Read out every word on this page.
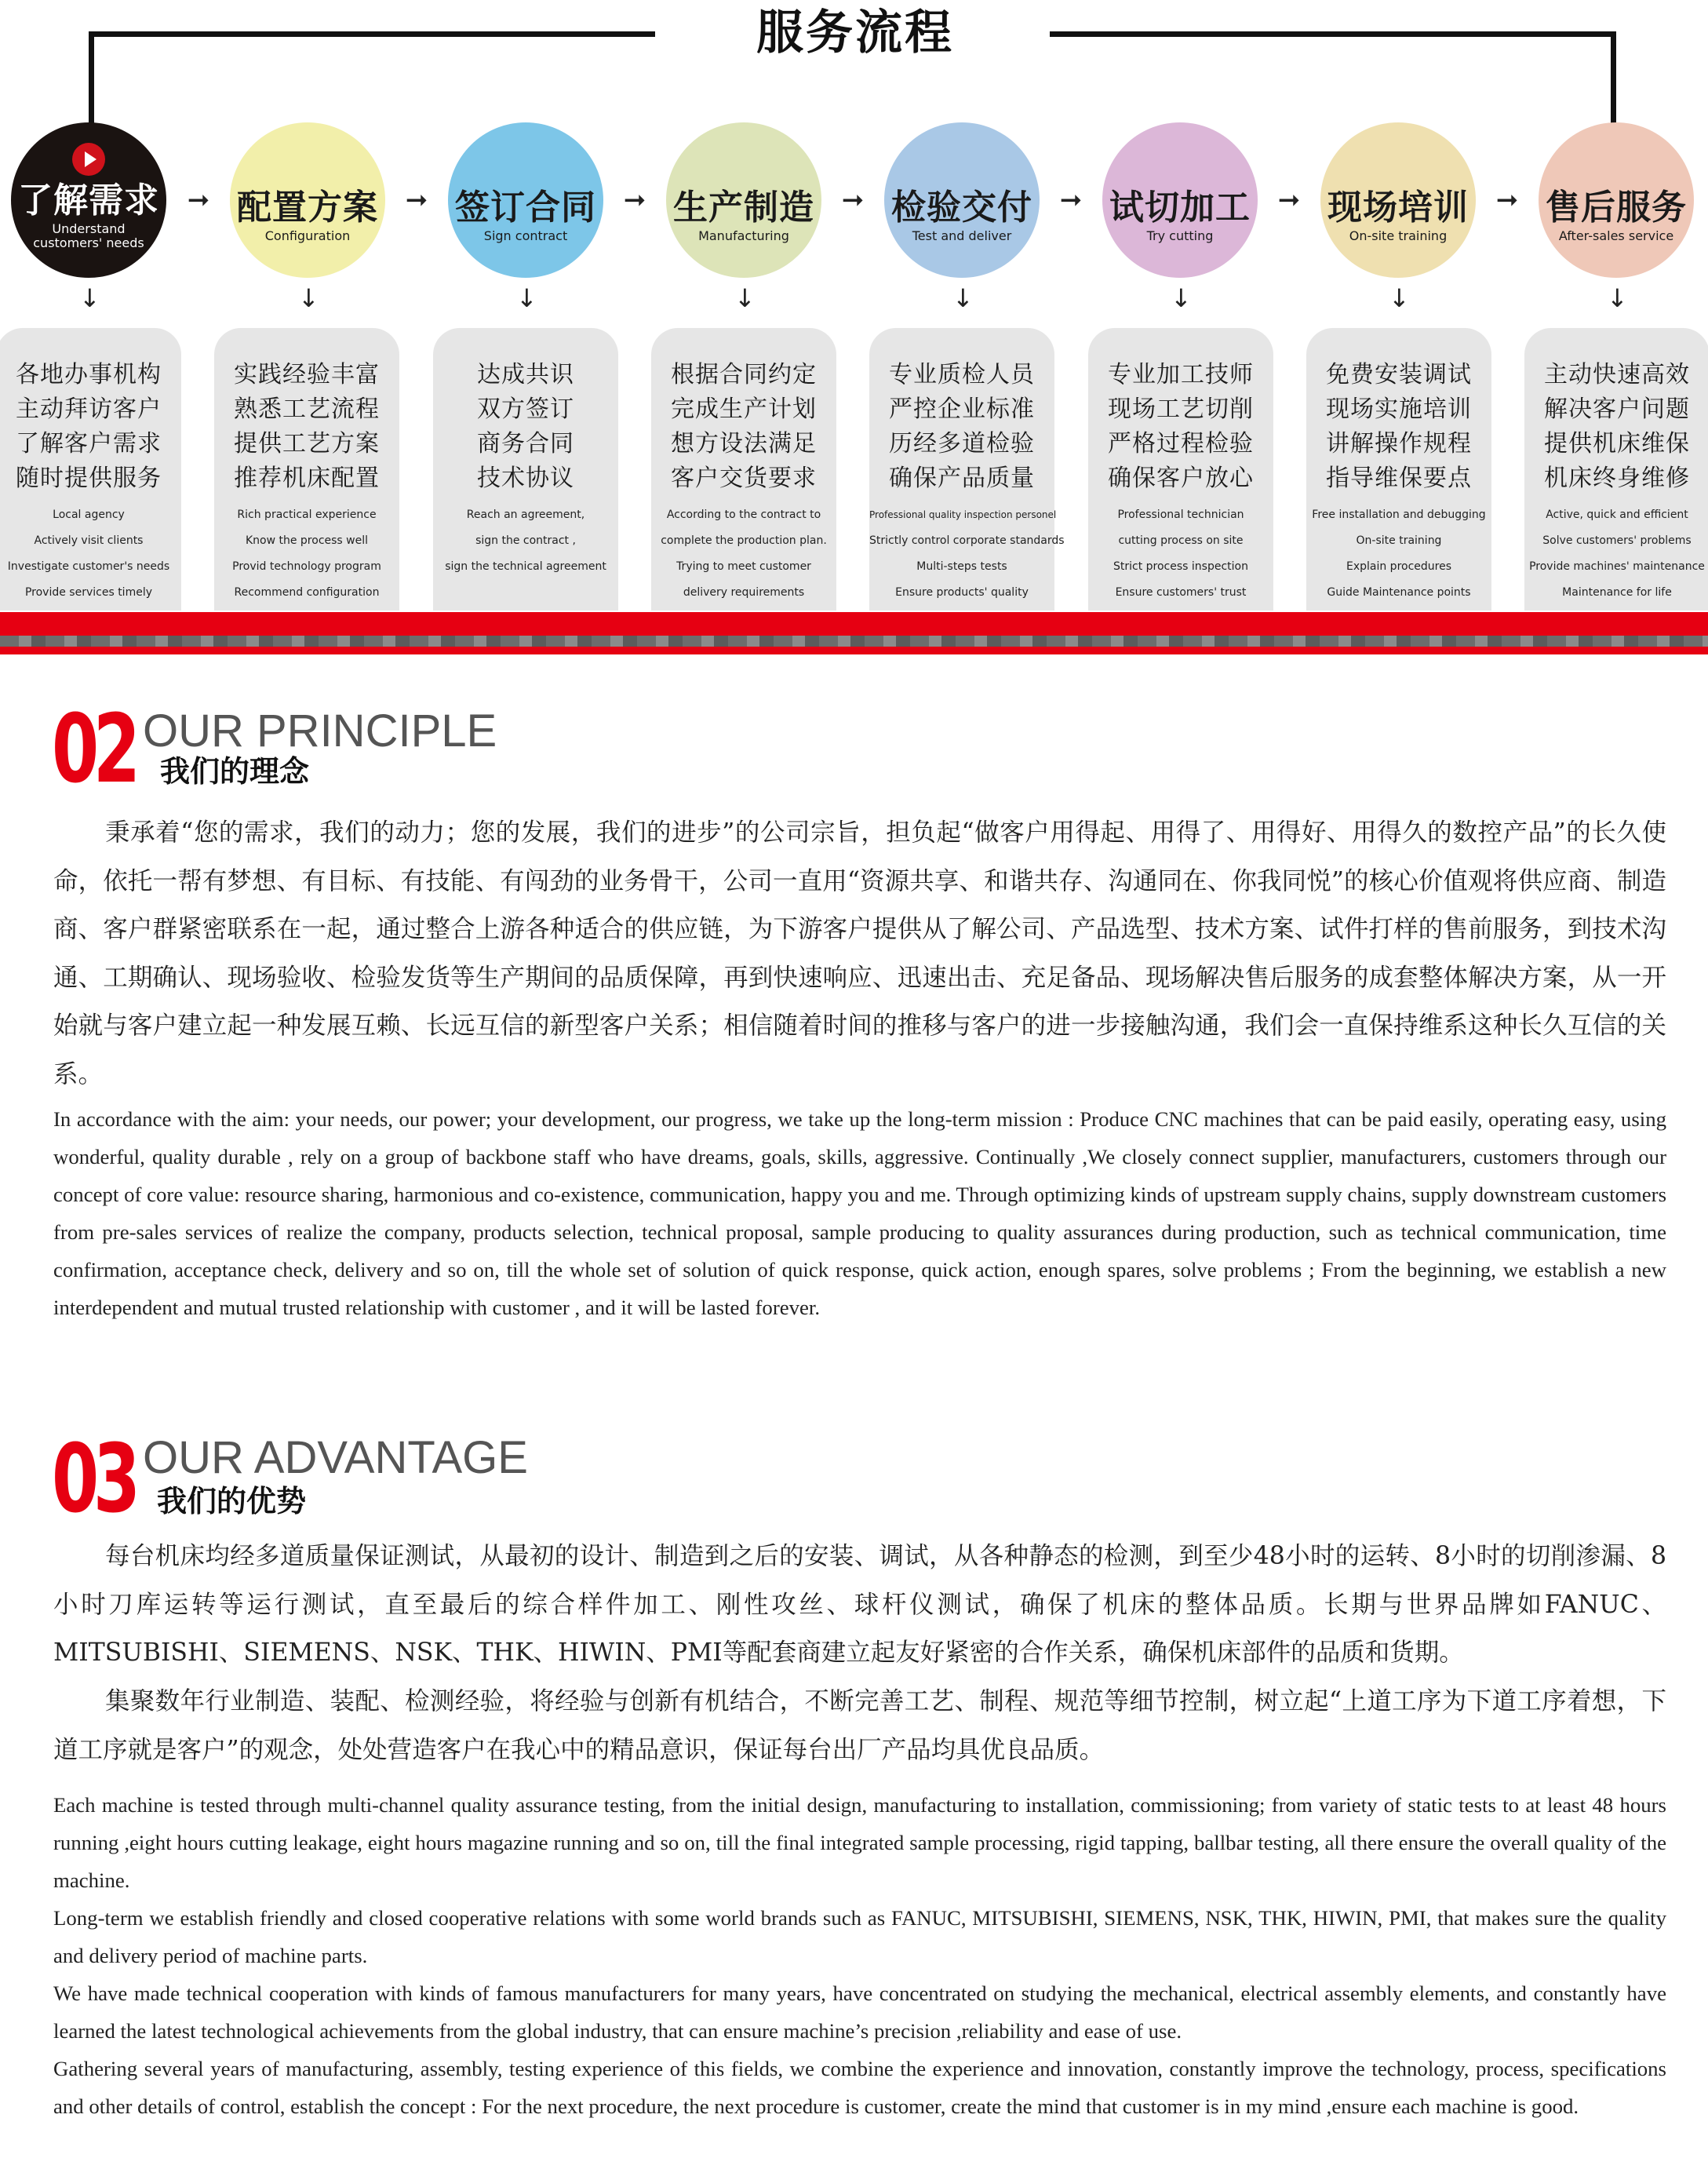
服务流程
了解需求
Understand customers' needs
配置方案
Configuration
签订合同
Sign contract
生产制造
Manufacturing
检验交付
Test and deliver
试切加工
Try cutting
现场培训
On-site training
售后服务
After-sales service
➞	➞	➞	➞	➞	➞	➞
↓	↓	↓	↓	↓	↓	↓	↓
各地办事机构
主动拜访客户
了解客户需求
随时提供服务
Local agency
Actively visit clients
Investigate customer's needs
Provide services timely
实践经验丰富
熟悉工艺流程
提供工艺方案
推荐机床配置
Rich practical experience
Know the process well
Provid technology program
Recommend configuration
达成共识
双方签订
商务合同
技术协议
Reach an agreement,
sign the contract ,
sign the technical agreement
根据合同约定
完成生产计划
想方设法满足
客户交货要求
According to the contract to
complete the production plan.
Trying to meet customer
delivery requirements
专业质检人员
严控企业标准
历经多道检验
确保产品质量
Professional quality inspection personel
Strictly control corporate standards
Multi-steps tests
Ensure products' quality
专业加工技师
现场工艺切削
严格过程检验
确保客户放心
Professional technician
cutting process on site
Strict process inspection
Ensure customers' trust
免费安装调试
现场实施培训
讲解操作规程
指导维保要点
Free installation and debugging
On-site training
Explain procedures
Guide Maintenance points
主动快速高效
解决客户问题
提供机床维保
机床终身维修
Active, quick and efficient
Solve customers' problems
Provide machines' maintenance
Maintenance for life
02 OUR PRINCIPLE
我们的理念

秉承着“您的需求，我们的动力；您的发展，我们的进步”的公司宗旨，担负起“做客户用得起、用得了、用得好、用得久的数控产品”的长久使命，依托一帮有梦想、有目标、有技能、有闯劲的业务骨干，公司一直用“资源共享、和谐共存、沟通同在、你我同悦”的核心价值观将供应商、制造商、客户群紧密联系在一起，通过整合上游各种适合的供应链，为下游客户提供从了解公司、产品选型、技术方案、试件打样的售前服务，到技术沟通、工期确认、现场验收、检验发货等生产期间的品质保障，再到快速响应、迅速出击、充足备品、现场解决售后服务的成套整体解决方案，从一开始就与客户建立起一种发展互赖、长远互信的新型客户关系；相信随着时间的推移与客户的进一步接触沟通，我们会一直保持维系这种长久互信的关系。

In accordance with the aim: your needs, our power; your development, our progress, we take up the long-term mission : Produce CNC machines that can be paid easily, operating easy, using wonderful, quality durable , rely on a group of backbone staff who have dreams, goals, skills, aggressive. Continually ,We closely connect supplier, manufacturers, customers through our concept of core value: resource sharing, harmonious and co-existence, communication, happy you and me. Through optimizing kinds of upstream supply chains, supply downstream customers from pre-sales services of realize the company, products selection, technical proposal, sample producing to quality assurances during production, such as technical communication, time confirmation, acceptance check, delivery and so on, till the whole set of solution of quick response, quick action, enough spares, solve problems ; From the beginning, we establish a new interdependent and mutual trusted relationship with customer , and it will be lasted forever.

03 OUR ADVANTAGE
我们的优势

每台机床均经多道质量保证测试，从最初的设计、制造到之后的安装、调试，从各种静态的检测，到至少48小时的运转、8小时的切削渗漏、8小时刀库运转等运行测试，直至最后的综合样件加工、刚性攻丝、球杆仪测试，确保了机床的整体品质。长期与世界品牌如FANUC、MITSUBISHI、SIEMENS、NSK、THK、HIWIN、PMI等配套商建立起友好紧密的合作关系，确保机床部件的品质和货期。

集聚数年行业制造、装配、检测经验，将经验与创新有机结合，不断完善工艺、制程、规范等细节控制，树立起“上道工序为下道工序着想，下道工序就是客户”的观念，处处营造客户在我心中的精品意识，保证每台出厂产品均具优良品质。

Each machine is tested through multi-channel quality assurance testing, from the initial design, manufacturing to installation, commissioning; from variety of static tests to at least 48 hours running ,eight hours cutting leakage, eight hours magazine running and so on, till the final integrated sample processing, rigid tapping, ballbar testing, all there ensure the overall quality of the machine.

Long-term we establish friendly and closed cooperative relations with some world brands such as FANUC, MITSUBISHI, SIEMENS, NSK, THK, HIWIN, PMI, that makes sure the quality and delivery period of machine parts.

We have made technical cooperation with kinds of famous manufacturers for many years, have concentrated on studying the mechanical, electrical assembly elements, and constantly have learned the latest technological achievements from the global industry, that can ensure machine’s precision ,reliability and ease of use.

Gathering several years of manufacturing, assembly, testing experience of this fields, we combine the experience and innovation, constantly improve the technology, process, specifications and other details of control, establish the concept : For the next procedure, the next procedure is customer, create the mind that customer is in my mind ,ensure each machine is good.
